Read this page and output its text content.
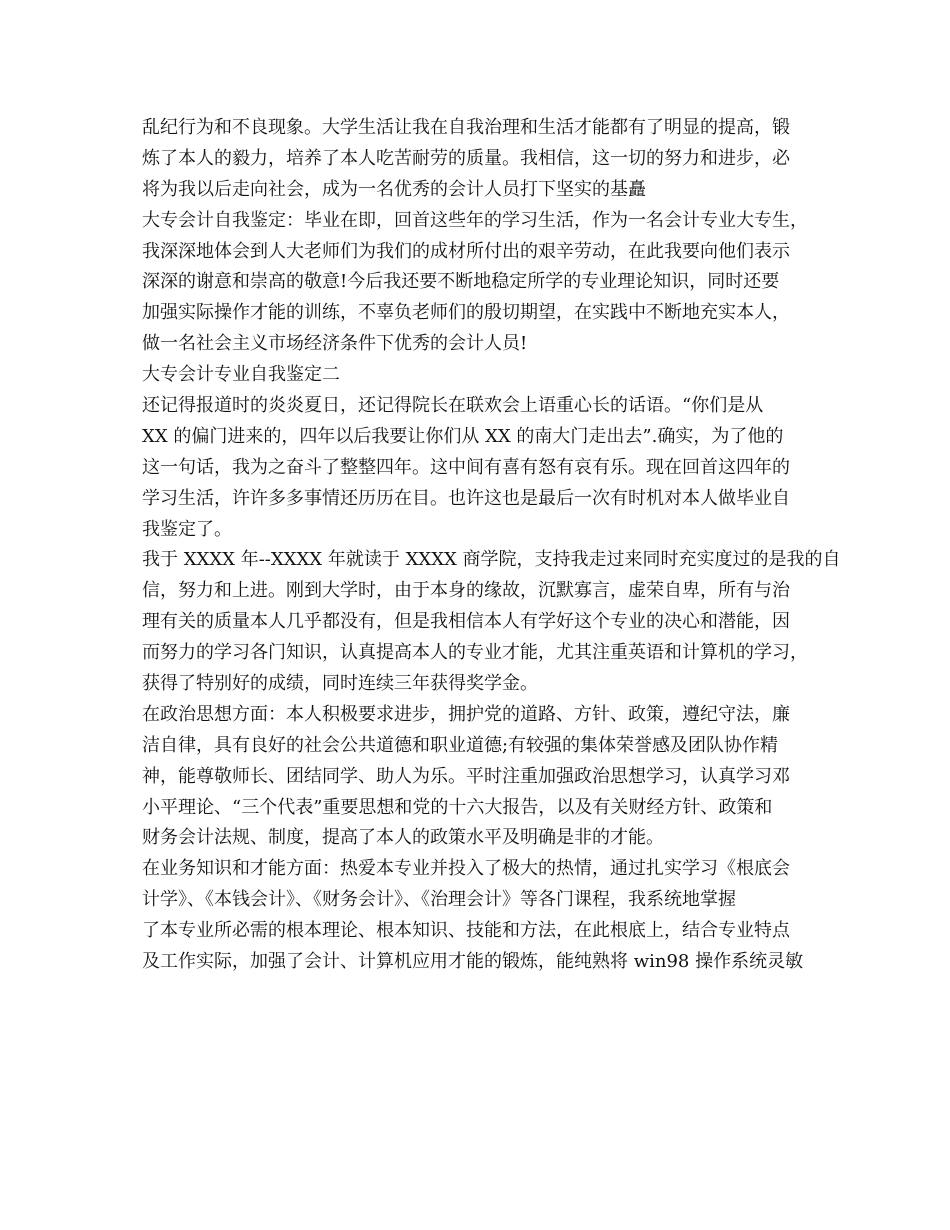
乱纪行为和不良现象。大学生活让我在自我治理和生活才能都有了明显的提高，锻
炼了本人的毅力，培养了本人吃苦耐劳的质量。我相信，这一切的努力和进步，必
将为我以后走向社会，成为一名优秀的会计人员打下坚实的基矗
大专会计自我鉴定：毕业在即，回首这些年的学习生活，作为一名会计专业大专生，
我深深地体会到人大老师们为我们的成材所付出的艰辛劳动，在此我要向他们表示
深深的谢意和崇高的敬意!今后我还要不断地稳定所学的专业理论知识，同时还要
加强实际操作才能的训练，不辜负老师们的殷切期望，在实践中不断地充实本人，
做一名社会主义市场经济条件下优秀的会计人员!
大专会计专业自我鉴定二
还记得报道时的炎炎夏日，还记得院长在联欢会上语重心长的话语。“你们是从
XX 的偏门进来的，四年以后我要让你们从 XX 的南大门走出去”.确实，为了他的
这一句话，我为之奋斗了整整四年。这中间有喜有怒有哀有乐。现在回首这四年的
学习生活，许许多多事情还历历在目。也许这也是最后一次有时机对本人做毕业自
我鉴定了。
我于 XXXX 年--XXXX 年就读于 XXXX 商学院，支持我走过来同时充实度过的是我的自
信，努力和上进。刚到大学时，由于本身的缘故，沉默寡言，虚荣自卑，所有与治
理有关的质量本人几乎都没有，但是我相信本人有学好这个专业的决心和潜能，因
而努力的学习各门知识，认真提高本人的专业才能，尤其注重英语和计算机的学习，
获得了特别好的成绩，同时连续三年获得奖学金。
在政治思想方面：本人积极要求进步，拥护党的道路、方针、政策，遵纪守法，廉
洁自律，具有良好的社会公共道德和职业道德;有较强的集体荣誉感及团队协作精
神，能尊敬师长、团结同学、助人为乐。平时注重加强政治思想学习，认真学习邓
小平理论、“三个代表”重要思想和党的十六大报告，以及有关财经方针、政策和
财务会计法规、制度，提高了本人的政策水平及明确是非的才能。
在业务知识和才能方面：热爱本专业并投入了极大的热情，通过扎实学习《根底会
计学》、《本钱会计》、《财务会计》、《治理会计》等各门课程，我系统地掌握
了本专业所必需的根本理论、根本知识、技能和方法，在此根底上，结合专业特点
及工作实际，加强了会计、计算机应用才能的锻炼，能纯熟将 win98 操作系统灵敏
